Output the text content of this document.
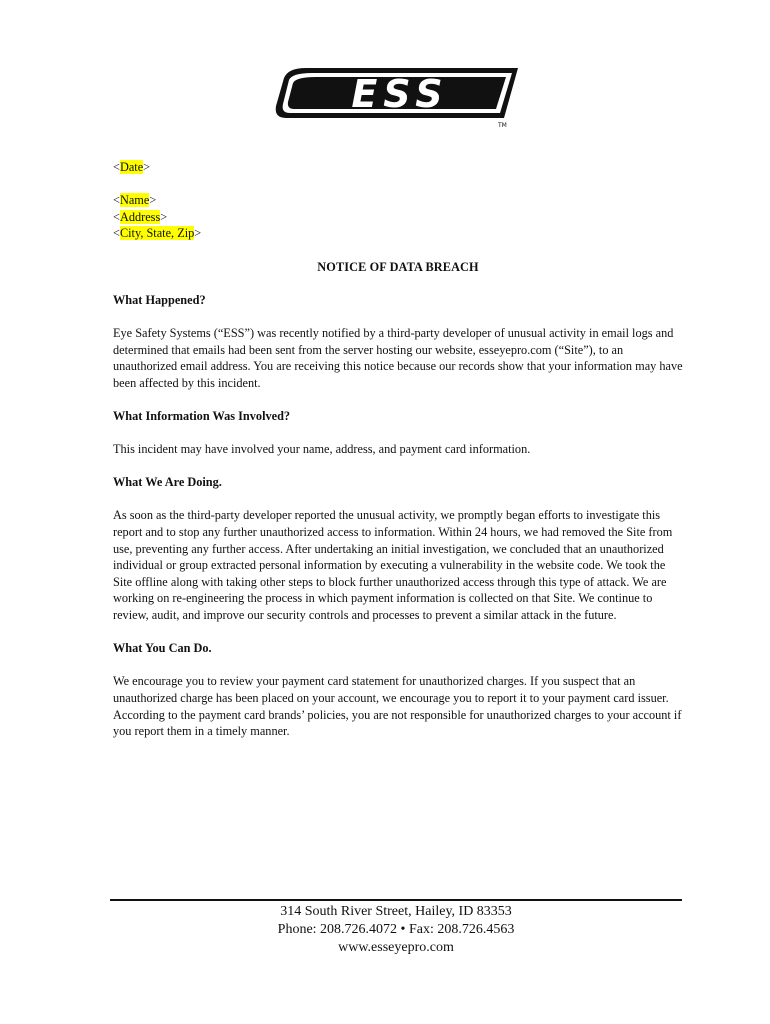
ESS
TM
<Date>
<Name>
<Address>
<City, State, Zip>
NOTICE OF DATA BREACH
What Happened?

Eye Safety Systems (“ESS”) was recently notified by a third-party developer of unusual activity in email logs and determined that emails had been sent from the server hosting our website, esseyepro.com (“Site”), to an unauthorized email address. You are receiving this notice because our records show that your information may have been affected by this incident.

What Information Was Involved?

This incident may have involved your name, address, and payment card information.

What We Are Doing.

As soon as the third-party developer reported the unusual activity, we promptly began efforts to investigate this report and to stop any further unauthorized access to information. Within 24 hours, we had removed the Site from use, preventing any further access. After undertaking an initial investigation, we concluded that an unauthorized individual or group extracted personal information by executing a vulnerability in the website code. We took the Site offline along with taking other steps to block further unauthorized access through this type of attack. We are working on re-engineering the process in which payment information is collected on that Site. We continue to review, audit, and improve our security controls and processes to prevent a similar attack in the future.

What You Can Do.

We encourage you to review your payment card statement for unauthorized charges. If you suspect that an unauthorized charge has been placed on your account, we encourage you to report it to your payment card issuer. According to the payment card brands’ policies, you are not responsible for unauthorized charges to your account if you report them in a timely manner.

314 South River Street, Hailey, ID 83353
Phone: 208.726.4072 • Fax: 208.726.4563
www.esseyepro.com
